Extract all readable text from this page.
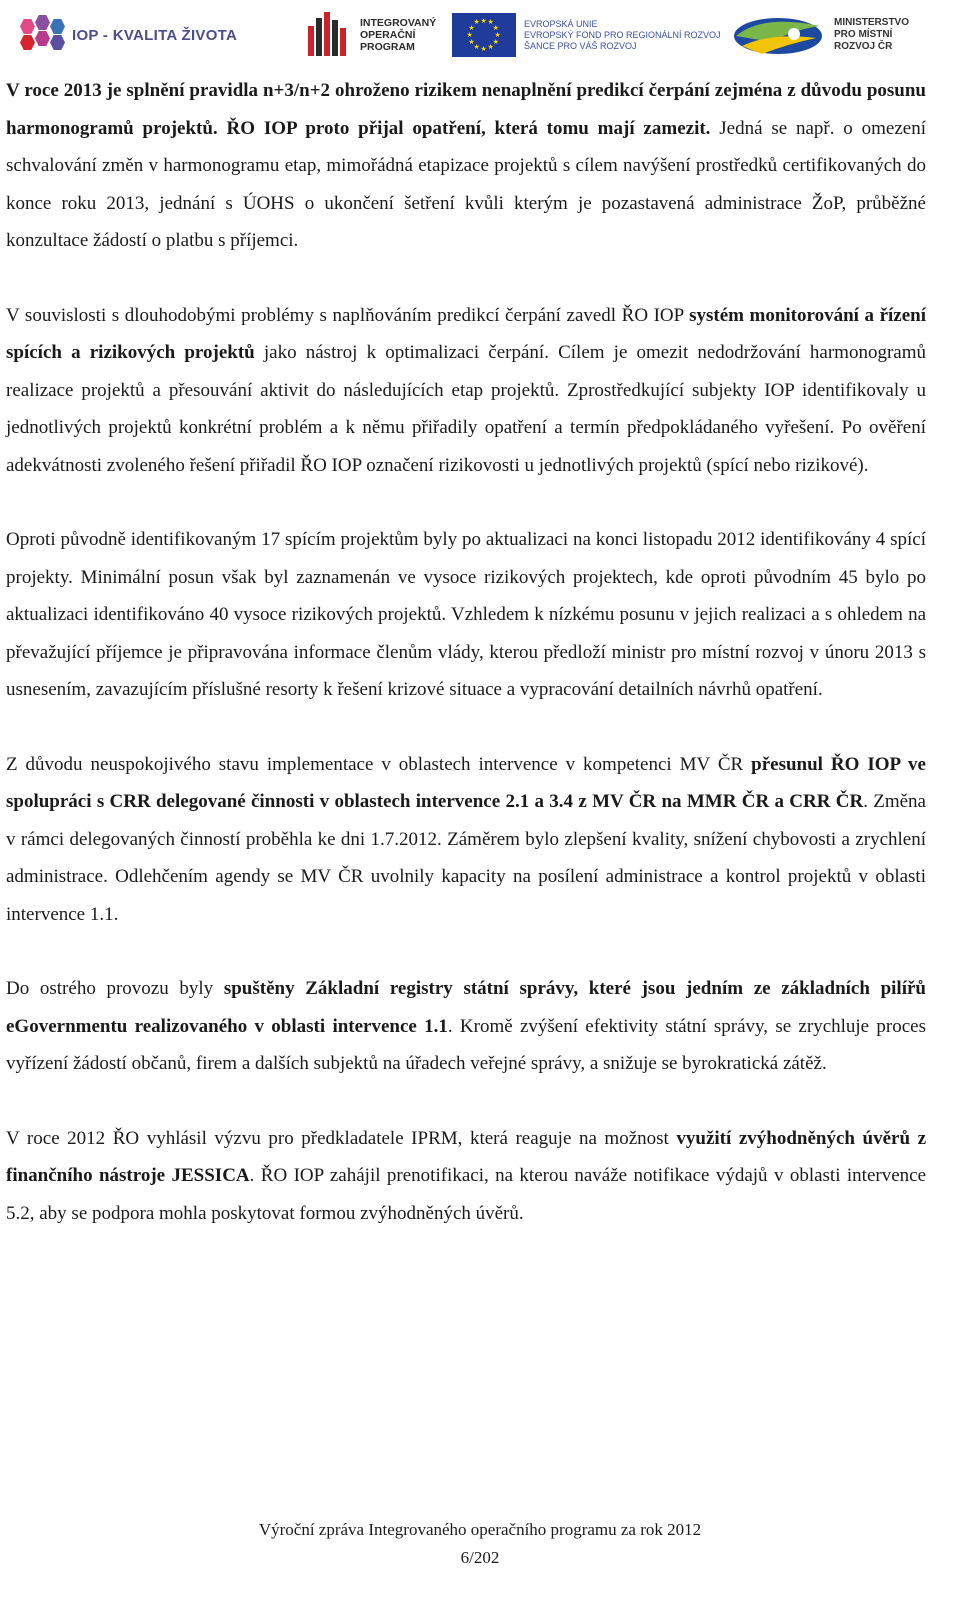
IOP - KVALITA ŽIVOTA
INTEGROVANÝ
OPERAČNÍ
PROGRAM
★ ★
★
★
★
★
★
★
★
★
★
★	EVROPSKÁ UNIE
EVROPSKÝ FOND PRO REGIONÁLNÍ ROZVOJ
ŠANCE PRO VÁŠ ROZVOJ
MINISTERSTVO
PRO MÍSTNÍ
ROZVOJ ČR

V roce 2013 je splnění pravidla n+3/n+2 ohroženo rizikem nenaplnění predikcí čerpání zejména z důvodu posunu harmonogramů projektů. ŘO IOP proto přijal opatření, která tomu mají zamezit. Jedná se např. o omezení schvalování změn v harmonogramu etap, mimořádná etapizace projektů s cílem navýšení prostředků certifikovaných do konce roku 2013, jednání s ÚOHS o ukončení šetření kvůli kterým je pozastavená administrace ŽoP, průběžné konzultace žádostí o platbu s příjemci.

V souvislosti s dlouhodobými problémy s naplňováním predikcí čerpání zavedl ŘO IOP systém monitorování a řízení spících a rizikových projektů jako nástroj k optimalizaci čerpání. Cílem je omezit nedodržování harmonogramů realizace projektů a přesouvání aktivit do následujících etap projektů. Zprostředkující subjekty IOP identifikovaly u jednotlivých projektů konkrétní problém a k němu přiřadily opatření a termín předpokládaného vyřešení. Po ověření adekvátnosti zvoleného řešení přiřadil ŘO IOP označení rizikovosti u jednotlivých projektů (spící nebo rizikové).

Oproti původně identifikovaným 17 spícím projektům byly po aktualizaci na konci listopadu 2012 identifikovány 4 spící projekty. Minimální posun však byl zaznamenán ve vysoce rizikových projektech, kde oproti původním 45 bylo po aktualizaci identifikováno 40 vysoce rizikových projektů. Vzhledem k nízkému posunu v jejich realizaci a s ohledem na převažující příjemce je připravována informace členům vlády, kterou předloží ministr pro místní rozvoj v únoru 2013 s usnesením, zavazujícím příslušné resorty k řešení krizové situace a vypracování detailních návrhů opatření.

Z důvodu neuspokojivého stavu implementace v oblastech intervence v kompetenci MV ČR přesunul ŘO IOP ve spolupráci s CRR delegované činnosti v oblastech intervence 2.1 a 3.4 z MV ČR na MMR ČR a CRR ČR. Změna v rámci delegovaných činností proběhla ke dni 1.7.2012. Záměrem bylo zlepšení kvality, snížení chybovosti a zrychlení administrace. Odlehčením agendy se MV ČR uvolnily kapacity na posílení administrace a kontrol projektů v oblasti intervence 1.1.

Do ostrého provozu byly spuštěny Základní registry státní správy, které jsou jedním ze základních pilířů eGovernmentu realizovaného v oblasti intervence 1.1. Kromě zvýšení efektivity státní správy, se zrychluje proces vyřízení žádostí občanů, firem a dalších subjektů na úřadech veřejné správy, a snižuje se byrokratická zátěž.

V roce 2012 ŘO vyhlásil výzvu pro předkladatele IPRM, která reaguje na možnost využití zvýhodněných úvěrů z finančního nástroje JESSICA. ŘO IOP zahájil prenotifikaci, na kterou naváže notifikace výdajů v oblasti intervence 5.2, aby se podpora mohla poskytovat formou zvýhodněných úvěrů.

Výroční zpráva Integrovaného operačního programu za rok 2012
6/202
